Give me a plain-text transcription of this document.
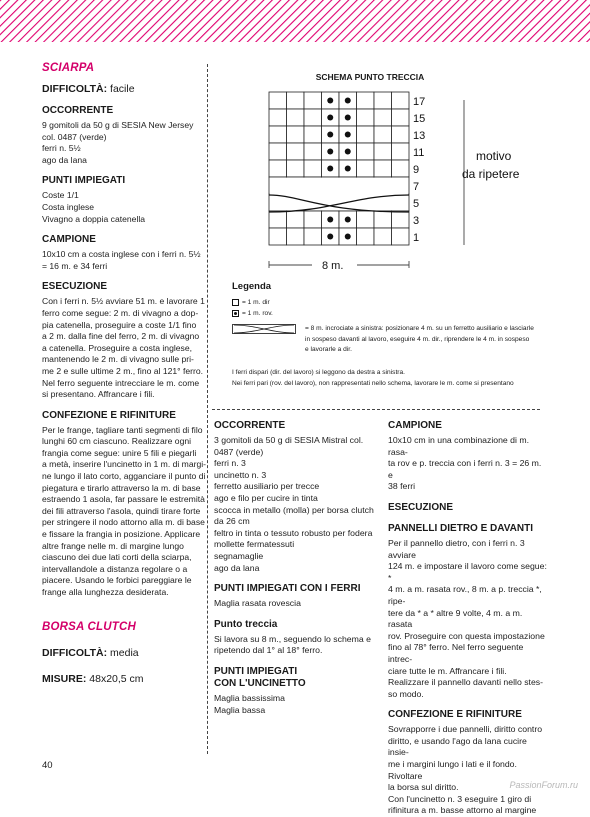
SCIARPA
DIFFICOLTÀ: facile
OCCORRENTE

9 gomitoli da 50 g di SESIA New Jersey

col. 0487 (verde)

ferri n. 5½

ago da lana

PUNTI IMPIEGATI

Coste 1/1

Costa inglese

Vivagno a doppia catenella

CAMPIONE

10x10 cm a costa inglese con i ferri n. 5½

= 16 m. e 34 ferri

ESECUZIONE

Con i ferri n. 5½ avviare 51 m. e lavorare 1

ferro come segue: 2 m. di vivagno a dop-

pia catenella, proseguire a coste 1/1 fino

a 2 m. dalla fine del ferro, 2 m. di vivagno

a catenella. Proseguire a costa inglese,

mantenendo le 2 m. di vivagno sulle pri-

me 2 e sulle ultime 2 m., fino al 121° ferro.

Nel ferro seguente intrecciare le m. come

si presentano. Affrancare i fili.

CONFEZIONE E RIFINITURE

Per le frange, tagliare tanti segmenti di filo

lunghi 60 cm ciascuno. Realizzare ogni

frangia come segue: unire 5 fili e piegarli

a metà, inserire l'uncinetto in 1 m. di margi-

ne lungo il lato corto, agganciare il punto di

piegatura e tirarlo attraverso la m. di base

estraendo 1 asola, far passare le estremità

dei fili attraverso l'asola, quindi tirare forte

per stringere il nodo attorno alla m. di base

e fissare la frangia in posizione. Applicare

altre frange nelle m. di margine lungo

ciascuno dei due lati corti della sciarpa,

intervallandole a distanza regolare o a

piacere. Usando le forbici pareggiare le

frange alla lunghezza desiderata.

BORSA CLUTCH
DIFFICOLTÀ: media
MISURE: 48x20,5 cm
SCHEMA PUNTO TRECCIA
17
15
13
11
9
7
5
3
1
motivo
da ripetere
8 m.
Legenda
= 1 m. dir
= 1 m. rov.
= 8 m. incrociate a sinistra: posizionare 4 m. su un ferretto ausiliario e lasciarle
in sospeso davanti al lavoro, eseguire 4 m. dir., riprendere le 4 m. in sospeso
e lavorarle a dir.
I ferri dispari (dir. del lavoro) si leggono da destra a sinistra.
Nei ferri pari (rov. del lavoro), non rappresentati nello schema, lavorare le m. come si presentano
OCCORRENTE

3 gomitoli da 50 g di SESIA Mistral col.

0487 (verde)

ferri n. 3

uncinetto n. 3

ferretto ausiliario per trecce

ago e filo per cucire in tinta

scocca in metallo (molla) per borsa clutch

da 26 cm

feltro in tinta o tessuto robusto per fodera

mollette fermatessuti

segnamaglie

ago da lana

PUNTI IMPIEGATI CON I FERRI

Maglia rasata rovescia

Punto treccia

Si lavora su 8 m., seguendo lo schema e

ripetendo dal 1° al 18° ferro.

PUNTI IMPIEGATI
CON L'UNCINETTO

Maglia bassissima

Maglia bassa

CAMPIONE

10x10 cm in una combinazione di m. rasa-

ta rov e p. treccia con i ferri n. 3 = 26 m. e

38 ferri

ESECUZIONE
PANNELLI DIETRO E DAVANTI

Per il pannello dietro, con i ferri n. 3 avviare

124 m. e impostare il lavoro come segue: *

4 m. a m. rasata rov., 8 m. a p. treccia *, ripe-

tere da * a * altre 9 volte, 4 m. a m. rasata

rov. Proseguire con questa impostazione

fino al 78° ferro. Nel ferro seguente intrec-

ciare tutte le m. Affrancare i fili.

Realizzare il pannello davanti nello stes-

so modo.

CONFEZIONE E RIFINITURE

Sovrapporre i due pannelli, diritto contro

diritto, e usando l'ago da lana cucire insie-

me i margini lungo i lati e il fondo. Rivoltare

la borsa sul diritto.

Con l'uncinetto n. 3 eseguire 1 giro di

rifinitura a m. basse attorno al margine

40
PassionForum.ru
